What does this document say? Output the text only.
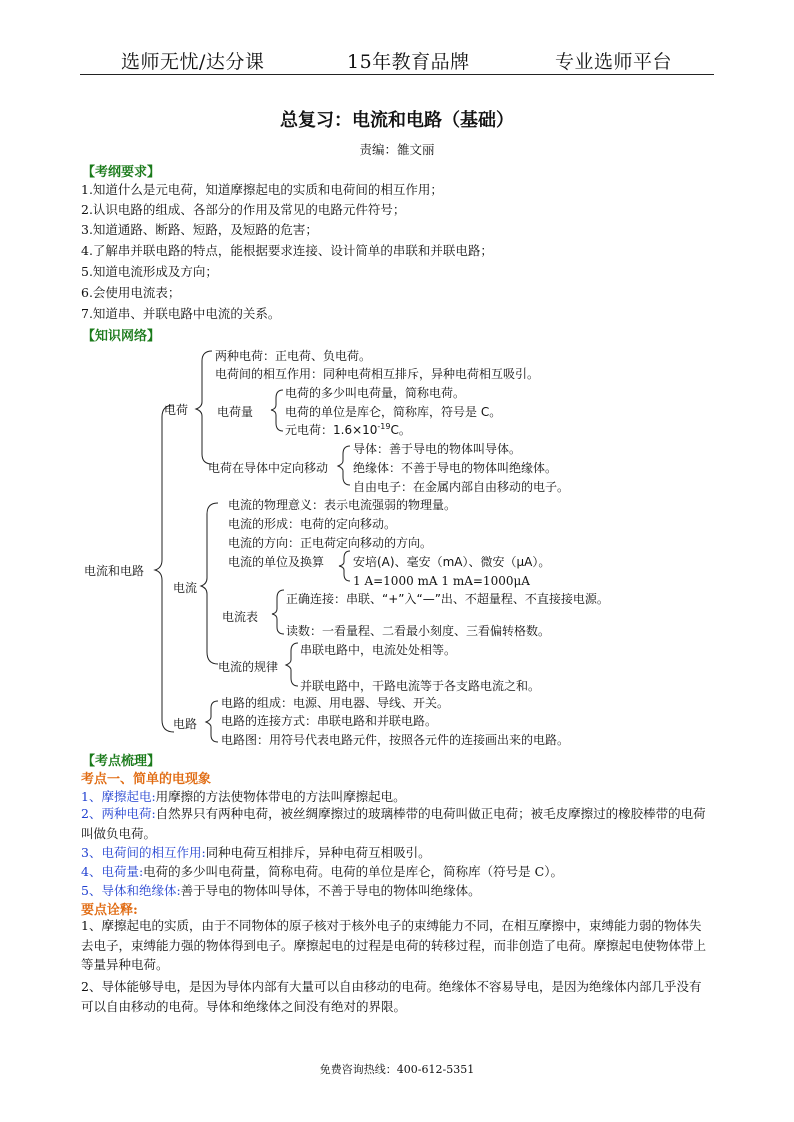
选师无忧/达分课	15年教育品牌	专业选师平台
总复习：电流和电路（基础）
责编：雒文丽
【考纲要求】
1.知道什么是元电荷，知道摩擦起电的实质和电荷间的相互作用；
2.认识电路的组成、各部分的作用及常见的电路元件符号；
3.知道通路、断路、短路，及短路的危害；
4.了解串并联电路的特点，能根据要求连接、设计简单的串联和并联电路；
5.知道电流形成及方向；
6.会使用电流表；
7.知道串、并联电路中电流的关系。
【知识网络】
电流和电路
电荷
两种电荷：正电荷、负电荷。
电荷间的相互作用：同种电荷相互排斥，异种电荷相互吸引。
电荷量
电荷的多少叫电荷量，简称电荷。
电荷的单位是库仑，简称库，符号是 C。
元电荷：$1.6\times 10^{-19}C$。
电荷在导体中定向移动
导体：善于导电的物体叫导体。
绝缘体：不善于导电的物体叫绝缘体。
自由电子：在金属内部自由移动的电子。
电流
电流的物理意义：表示电流强弱的物理量。
电流的形成：电荷的定向移动。
电流的方向：正电荷定向移动的方向。
电流的单位及换算 安培(A)、毫安（mA）、微安（μA）。
1 A=1000 mA 1 mA=1000μA
电流表
正确连接：串联、“+”入“—”出、不超量程、不直接接电源。
读数：一看量程、二看最小刻度、三看偏转格数。
电流的规律
串联电路中，电流处处相等。
并联电路中，干路电流等于各支路电流之和。
电路
电路的组成：电源、用电器、导线、开关。
电路的连接方式：串联电路和并联电路。
电路图：用符号代表电路元件，按照各元件的连接画出来的电路。
【考点梳理】
考点一、简单的电现象
1、摩擦起电:用摩擦的方法使物体带电的方法叫摩擦起电。
2、两种电荷:自然界只有两种电荷，被丝绸摩擦过的玻璃棒带的电荷叫做正电荷；被毛皮摩擦过的橡胶棒带的电荷叫做负电荷。
3、电荷间的相互作用:同种电荷互相排斥，异种电荷互相吸引。
4、电荷量:电荷的多少叫电荷量，简称电荷。电荷的单位是库仑，简称库（符号是 C）。
5、导体和绝缘体:善于导电的物体叫导体，不善于导电的物体叫绝缘体。
要点诠释:
1、摩擦起电的实质，由于不同物体的原子核对于核外电子的束缚能力不同，在相互摩擦中，束缚能力弱的物体失去电子，束缚能力强的物体得到电子。摩擦起电的过程是电荷的转移过程，而非创造了电荷。摩擦起电使物体带上等量异种电荷。
2、导体能够导电，是因为导体内部有大量可以自由移动的电荷。绝缘体不容易导电，是因为绝缘体内部几乎没有可以自由移动的电荷。导体和绝缘体之间没有绝对的界限。
免费咨询热线：400-612-5351
